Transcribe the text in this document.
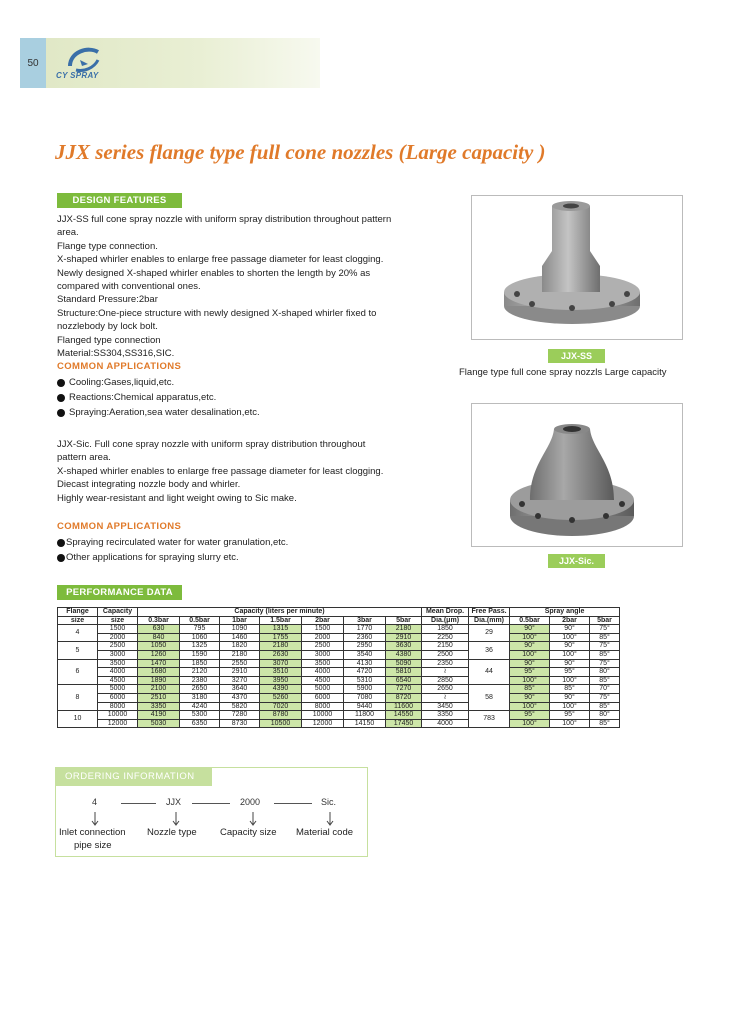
50
CY SPRAY
JJX series flange type full cone nozzles (Large capacity )
DESIGN FEATURES

JJX-SS full cone spray nozzle with uniform spray distribution throughout pattern

area.

Flange type connection.

X-shaped whirler enables to enlarge free passage diameter for least clogging.

Newly designed X-shaped whirler enables to shorten the length by 20% as

compared with conventional ones.

Standard Pressure:2bar

Structure:One-piece structure with newly designed X-shaped whirler fixed to

nozzlebody by lock bolt.

Flanged type connection

Material:SS304,SS316,SIC.

COMMON APPLICATIONS
Cooling:Gases,liquid,etc.
Reactions:Chemical apparatus,etc.
Spraying:Aeration,sea water desalination,etc.

JJX-Sic. Full cone spray nozzle with uniform spray distribution throughout

pattern area.

X-shaped whirler enables to enlarge free passage diameter for least clogging.

Diecast integrating nozzle body and whirler.

Highly wear-resistant and light weight owing to Sic make.

COMMON APPLICATIONS
Spraying recirculated water for water granulation,etc.
Other applications for spraying slurry etc.
JJX-SS
Flange type full cone spray nozzls Large capacity
JJX-Sic.
PERFORMANCE DATA
Flange	Capacity	Capacity (liters per minute)							Mean Drop.	Free Pass.	Spray angle		
size	size	0.3bar	0.5bar	1bar	1.5bar	2bar	3bar	5bar	Dia.(μm)	Dia.(mm)	0.5bar	2bar	5bar
4	1500	630	795	1090	1315	1500	1770	2180	1850	29	90°	90°	75°
	2000	840	1060	1460	1755	2000	2360	2910	2250		100°	100°	85°
5	2500	1050	1325	1820	2180	2500	2950	3630	2150	36	90°	90°	75°
	3000	1260	1590	2180	2630	3000	3540	4380	2500		100°	100°	85°
6	3500	1470	1850	2550	3070	3500	4130	5090	2350	44	90°	90°	75°
	4000	1680	2120	2910	3510	4000	4720	5810	≀		95°	95°	80°
	4500	1890	2380	3270	3950	4500	5310	6540	2850		100°	100°	85°
8	5000	2100	2650	3640	4390	5000	5900	7270	2650	58	85°	85°	70°
	6000	2510	3180	4370	5260	6000	7080	8720	≀		90°	90°	75°
	8000	3350	4240	5820	7020	8000	9440	11600	3450		100°	100°	85°
10	10000	4190	5300	7280	8780	10000	11800	14550	3350	783	95°	95°	80°
	12000	5030	6350	8730	10500	12000	14150	17450	4000		100°	100°	85°
ORDERING INFORMATION
4	JJX	2000	Sic.
Inlet connection Nozzle type Capacity size Material code
pipe size
